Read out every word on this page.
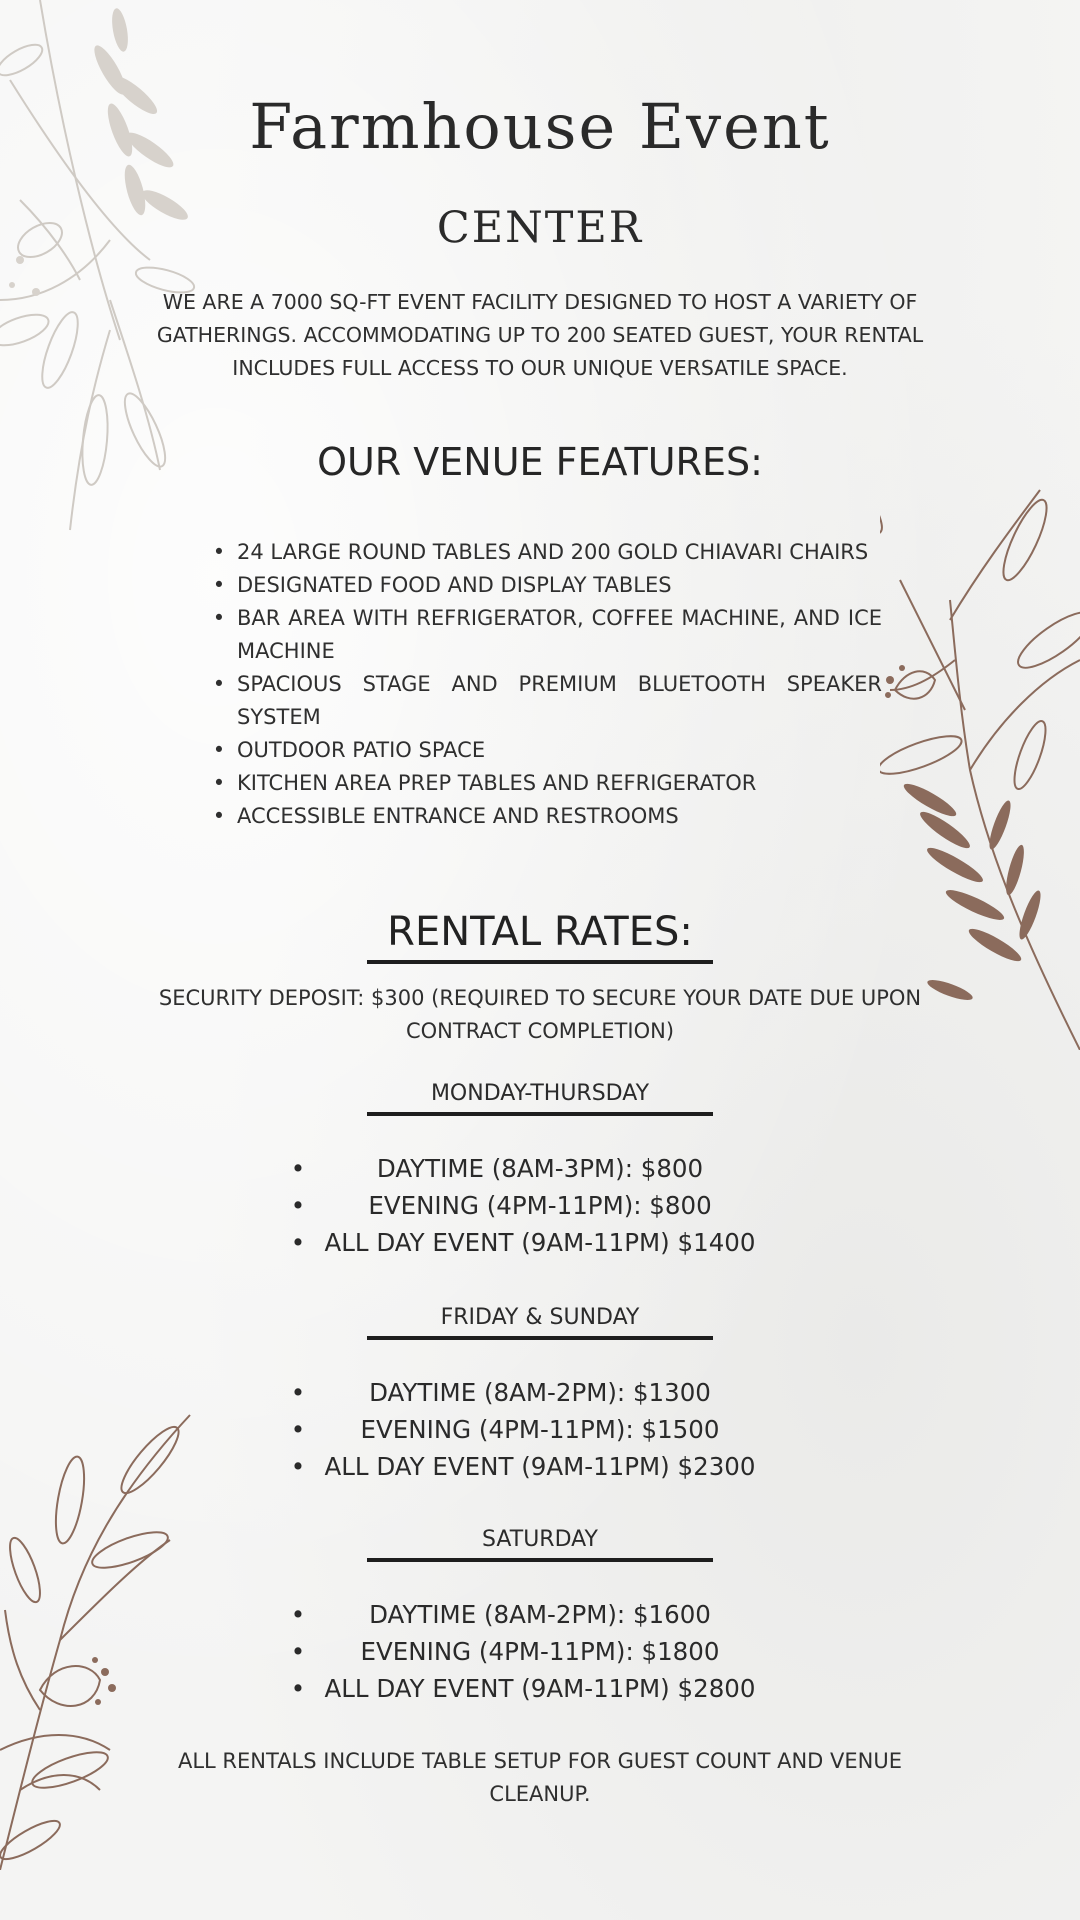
Farmhouse Event
center

WE ARE A 7000 SQ-FT EVENT FACILITY DESIGNED TO HOST A VARIETY OF GATHERINGS. ACCOMMODATING UP TO 200 SEATED GUEST, YOUR RENTAL INCLUDES FULL ACCESS TO OUR UNIQUE VERSATILE SPACE.

OUR VENUE FEATURES:
• 24 LARGE ROUND TABLES AND 200 GOLD CHIAVARI CHAIRS
• DESIGNATED FOOD AND DISPLAY TABLES
• BAR AREA WITH REFRIGERATOR, COFFEE MACHINE, AND ICE MACHINE
• SPACIOUS STAGE AND PREMIUM BLUETOOTH SPEAKER SYSTEM
• OUTDOOR PATIO SPACE
• KITCHEN AREA PREP TABLES AND REFRIGERATOR
• ACCESSIBLE ENTRANCE AND RESTROOMS
RENTAL RATES:

SECURITY DEPOSIT: $300 (REQUIRED TO SECURE YOUR DATE DUE UPON CONTRACT COMPLETION)

MONDAY-THURSDAY
•	DAYTIME (8AM-3PM): $800
•	EVENING (4PM-11PM): $800
• ALL DAY EVENT (9AM-11PM) $1400
FRIDAY & SUNDAY
•	DAYTIME (8AM-2PM): $1300
• EVENING (4PM-11PM): $1500
• ALL DAY EVENT (9AM-11PM) $2300
SATURDAY
•	DAYTIME (8AM-2PM): $1600
• EVENING (4PM-11PM): $1800
• ALL DAY EVENT (9AM-11PM) $2800

ALL RENTALS INCLUDE TABLE SETUP FOR GUEST COUNT AND VENUE CLEANUP.
